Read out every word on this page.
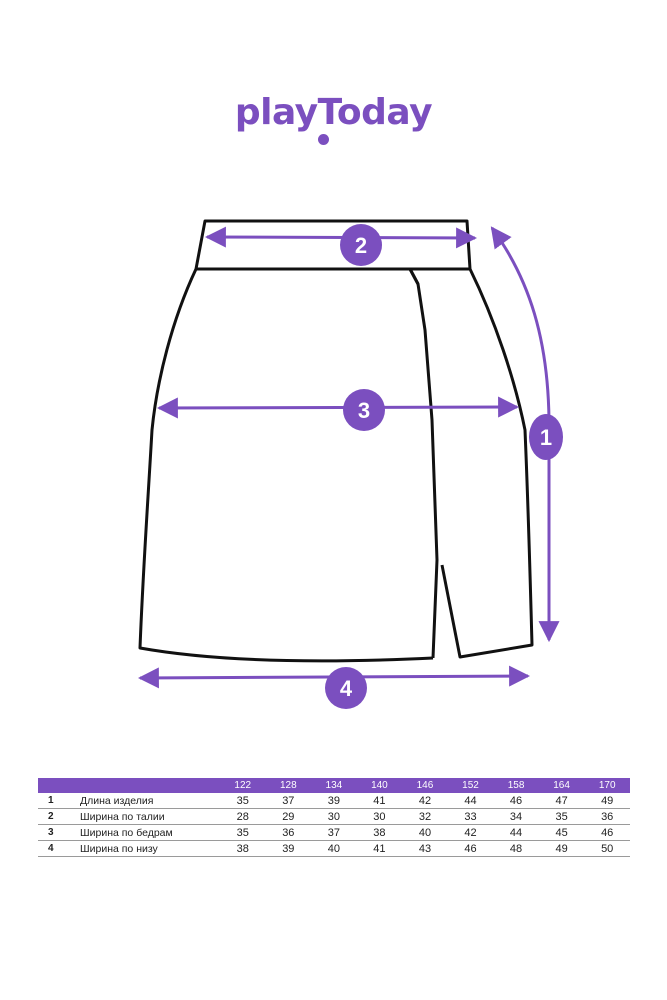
playToday
2
3
1
4
		122	128	134	140	146	152	158	164	170
1	Длина изделия	35	37	39	41	42	44	46	47	49
2	Ширина по талии	28	29	30	30	32	33	34	35	36
3	Ширина по бедрам	35	36	37	38	40	42	44	45	46
4	Ширина по низу	38	39	40	41	43	46	48	49	50
